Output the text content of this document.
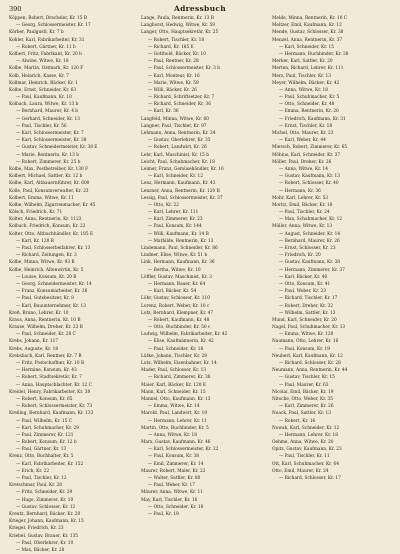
390	Adressbuch
Köppen, Robert, Drechsler, Kr. 15 B
— Georg, Schlossermeister, Kr. 17
Körber, Paulgustl, Kr. 7 b
Kohler, Karl, Fabrikarbeiter, Kr. 31
— Robert, Gärtner, Kr. 11 b
Kolbert, Fritz, Fabrikant, Kr. 20 b
— Alwine, Witwe, Kr. 18
Kolbe, Martin, Ostmark, Kr. 120 F
Kolb, Heinrich, Kasse, Kr. 7
Kollmar, Heinrich, Bäcker, Kr. 1
Kolbe, Ernst, Schneider, Kr. 63
— Paul, Kaufmann, Kr. 10
Kolbach, Laura, Witwe, Kr. 13 b
— Bernhard, Maurer, Kr. 4 b
— Gerhard, Schneider, Kr. 13
— Paul, Tischler, Kr. 56
— Karl, Schlossermeister, Kr. 7
— Karl, Schlossermeister, Kr. 38
— Gustav, Schneidermeister, Kr. 38 E
— Marie, Rentnerin, Kr. 13 b
— Robert, Zimmerer, Kr. 25 b
Kolbe, Max, Postbetreiber, Kr. 130 F
Kolbert, Michael, Sattler, Kr. 12 b
Kolbe, Karl, Altbauernführer, Kr. 600
Kolle, Paul, Konsumverwalter, Kr. 23
Kolbert, Emma, Witwe, Kr. 11
Kolbe, Wilhelm, Zigarrenmacher, Kr. 45
Kölsch, Friedrich, Kr. 71
Kolter, Anna, Rentnerin, Kr. 1123
Kolbach, Friedrich, Konsum, Kr. 22
Kolter, Otto, Altbuchhändler, Kr. 185 E
— Karl, Kr. 120 B
— Paul, Schlosserbeifahrer, Kr. 13
— Richard, Zeitungen, Kr. 3
Kolbe, Minna, Witwe, Kr. 93 B
Kolbe, Heinrich, Altenwirtin, Kr. 5
— Louise, Konsum, Kr. 20 B
— Georg, Schneidermeister, Kr. 14
— Franz, Konsumarbeiter, Kr. 26
— Paul, Gutsbesitzer, Kr. 8
— Karl, Bauunternehmer, Kr. 13
Kreß, Bruno, Lehrer, Kr. 10
Kraus, Anna, Rentnerin, Kr. 10 B
Krause, Wilhelm, Dreher, Kr. 23 B
— Paul, Schneider, Kr. 28 C
Krebs, Johann, Kr. 117
Krebs, Auguste, Kr. 18
Krebsbach, Karl, Rentner, Kr. 7 B
— Fritz, Postschaffner, Kr. 10 B
— Hermine, Konsum, Kr. 43
— Robert, Stadtsekretär, Kr. 7
— Anna, Hauptschlachter, Kr. 12 C
Kreidel, Henry, Fabrikarbeiter, Kr. 38
— Robert, Konsum, Kr. 65
— Robert, Schlossermeister, Kr. 73
Kreiling, Bernhard, Kaufmann, Kr. 133
— Paul, Wilhelm, Kr. 15 C
— Karl, Schuhmacher, Kr. 29
— Paul, Zimmerer, Kr. 121
— Robert, Konsum, Kr. 12 b
— Paul, Gärtner, Kr. 13
Krenz, Otto, Buchhalter, Kr. 5
— Karl, Fabrikarbeiter, Kr. 152
— Erich, Kr. 22
— Paul, Tischler, Kr. 12
Kretschmar, Paul, Kr. 28
— Fritz, Schneider, Kr. 29
— Hugo, Zimmerer, Kr. 10
— Gustav, Schlosser, Kr. 12
Kreutz, Bernhard, Bäcker, Kr. 20
Krieger, Johann, Kaufmann, Kr. 15
Kriegel, Friedrich, Kr. 23
Kriebel, Gustav, Brauer, Kr. 135
— Paul, Oberlehrer, Kr. 10
— Max, Bäcker, Kr. 28
Lange, Paula, Rentnerin, Kr. 13 B
Langhorst, Hedwig, Witwe, Kr. 59
Langer, Otto, Hauptsekretär, Kr. 25
— Robert, Tischler, Kr. 18
— Richard, Kr. 185 E
— Gotthold, Bäcker, Kr. 10
— Paul, Rentner, Kr. 28
— Paul, Schlossermeister, Kr. 3 b
— Karl, Monteur, Kr. 16
— Marie, Witwe, Kr. 59
— Willi, Bäcker, Kr. 26
— Richard, Schriftsetzer, Kr. 7
— Richard, Schneider, Kr. 36
— Karl, Kr. 36
Langfeld, Minna, Witwe, Kr. 60
Langner, Paul, Tischler, Kr. 97
Lehmann, Anna, Rentnerin, Kr. 24
— Gustav, Oberlehrer, Kr. 35
— Robert, Landwirt, Kr. 26
Lehr, Karl, Maschinist, Kr. 15 b
Leicht, Paul, Schuhmacher, Kr. 18
Leimer, Franz, Gemüsehändler, Kr. 16
— Karl, Schneider, Kr. 12
Lenz, Hermann, Kaufmann, Kr. 43
Lenzner, Anna, Rentnerin, Kr. 120 B
Lessig, Paul, Schlossermeister, Kr. 37
— Otto, Kr. 22
— Karl, Lehrer, Kr. 111
— Karl, Zimmerer, Kr. 23
— Paul, Konsum, Kr. 144
— Willi, Kaufmann, Kr. 14 B
— Mathilde, Rentnerin, Kr. 13
Lindemann, Paul, Schneider, Kr. 86
Lindner, Elise, Witwe, Kr. 51 b
Link, Hermann, Kaufmann, Kr. 36
— Bertha, Witwe, Kr. 10
Löffler, Gustav, Maschinist, Kr. 3
— Hermann, Bauer, Kr. 64
— Karl, Bäcker, Kr. 54
Löhr, Gustav, Schlosser, Kr. 110
Lorenz, Robert, Weber, Kr. 10 c
Lotz, Bernhard, Klempner, Kr. 47
— Robert, Kaufmann, Kr. 48
— Otto, Buchbinder, Kr. 50 c
Ludwig, Wilhelm, Fabrikarbeiter, Kr. 42
— Elise, Kaufmännerin, Kr. 42
— Paul, Schneider, Kr. 18
Lütke, Johann, Tischler, Kr. 28
Lutz, Wilhelm, Eisenbahner, Kr. 14
Mader, Paul, Schlosser, Kr. 13
— Richard, Zimmerer, Kr. 38
Maier, Karl, Bäcker, Kr. 120 E
Mann, Karl, Schneider, Kr. 15
Mannel, Otto, Kaufmann, Kr. 13
— Emma, Witwe, Kr. 14
Marold, Paul, Landwirt, Kr. 19
— Hermann, Lehrer, Kr. 11
Martin, Otto, Buchbinder, Kr. 5
— Anna, Witwe, Kr. 18
Marx, Gustav, Kaufmann, Kr. 46
— Karl, Schlossermeister, Kr. 22
— Paul, Konsum, Kr. 38
— Emil, Zimmerer, Kr. 14
Maurer, Robert, Maler, Kr. 22
— Walter, Sattler, Kr. 80
— Paul, Weber, Kr. 17
Mäurer, Anna, Witwe, Kr. 11
May, Karl, Tischler, Kr. 16
— Otto, Schneider, Kr. 18
— Paul, Kr. 19
Melde, Minna, Rentnerin, Kr. 10 C
Meltzer, Emil, Kaufmann, Kr. 12
Mende, Gustav, Schlosser, Kr. 38
Menzel, Anna, Rentnerin, Kr. 37
— Karl, Schneider, Kr. 15
— Hermann, Buchbinder, Kr. 38
Merker, Karl, Sattler, Kr. 20
Merten, Richard, Lehrer, Kr. 111
Merz, Paul, Tischler, Kr. 13
Meyer, Wilhelm, Bäcker, Kr. 42
— Anna, Witwe, Kr. 18
— Paul, Schuhmacher, Kr. 5
— Otto, Schneider, Kr. 48
— Emma, Rentnerin, Kr. 20
— Friedrich, Kaufmann, Kr. 31
— Ernst, Tischler, Kr. 18
Michel, Otto, Maurer, Kr. 23
— Karl, Weber, Kr. 44
Miersch, Robert, Zimmerer, Kr. 65
Möbius, Karl, Schneider, Kr. 37
Möller, Paul, Dreher, Kr. 26
— Anna, Witwe, Kr. 14
— Gustav, Kaufmann, Kr. 13
— Robert, Schlosser, Kr. 40
— Hermann, Kr. 36
Mohr, Karl, Lehrer, Kr. 53
Moritz, Emil, Bäcker, Kr. 18
— Paul, Tischler, Kr. 24
— Max, Schuhmacher, Kr. 12
Müller, Anna, Witwe, Kr. 13
— August, Schneider, Kr. 14
— Bernhard, Maurer, Kr. 26
— Ernst, Schlosser, Kr. 23
— Friedrich, Kr. 20
— Gustav, Kaufmann, Kr. 38
— Hermann, Zimmerer, Kr. 37
— Karl, Bäcker, Kr. 40
— Otto, Konsum, Kr. 41
— Paul, Weber, Kr. 23
— Richard, Tischler, Kr. 17
— Robert, Dreher, Kr. 32
— Wilhelm, Sattler, Kr. 13
Mund, Karl, Schneider, Kr. 20
Nagel, Paul, Schuhmacher, Kr. 13
— Emma, Witwe, Kr. 120
Naumann, Otto, Lehrer, Kr. 16
— Paul, Konsum, Kr. 19
Neubert, Karl, Kaufmann, Kr. 12
— Richard, Schlosser, Kr. 28
Neumann, Anna, Rentnerin, Kr. 44
— Gustav, Tischler, Kr. 15
— Paul, Maurer, Kr. 63
Nicolai, Emil, Bäcker, Kr. 19
Nitsche, Otto, Weber, Kr. 35
— Karl, Zimmerer, Kr. 26
Noack, Paul, Sattler, Kr. 13
— Robert, Kr. 16
Nowak, Karl, Schneider, Kr. 12
— Hermann, Lehrer, Kr. 18
Oehme, Anna, Witwe, Kr. 20
Opitz, Gustav, Kaufmann, Kr. 23
— Paul, Tischler, Kr. 11
Ott, Karl, Schuhmacher, Kr. 64
Otto, Emil, Maurer, Kr. 24
— Richard, Schlosser, Kr. 17
